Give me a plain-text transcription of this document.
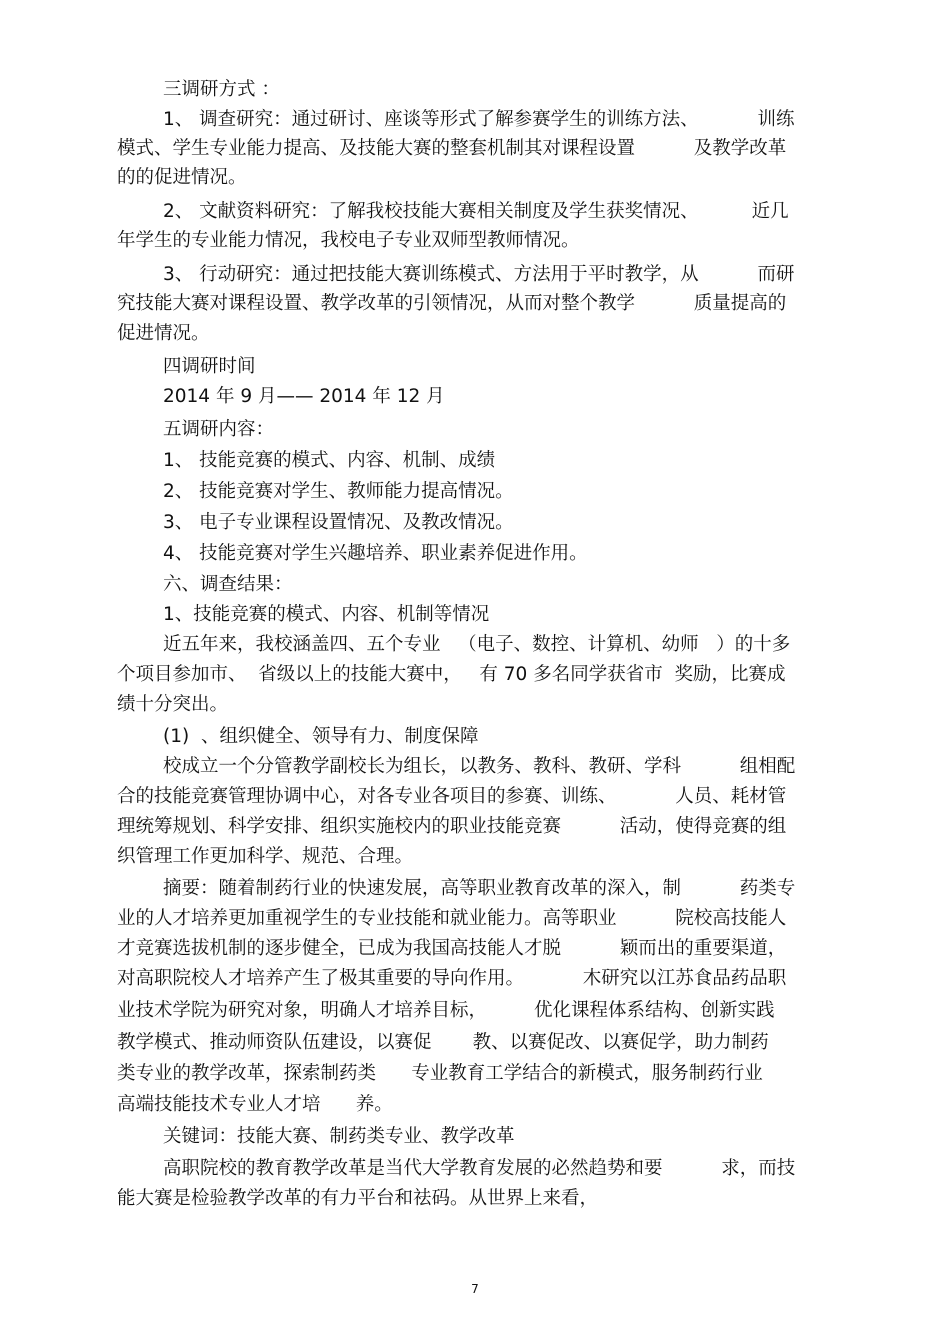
三调研方式 ：
1、 调查研究：通过研讨、座谈等形式了解参赛学生的训练方法、          训练
模式、学生专业能力提高、及技能大赛的整套机制其对课程设置          及教学改革
的的促进情况。
2、 文献资料研究：了解我校技能大赛相关制度及学生获奖情况、         近几
年学生的专业能力情况，我校电子专业双师型教师情况。
3、 行动研究：通过把技能大赛训练模式、方法用于平时教学，从          而研
究技能大赛对课程设置、教学改革的引领情况，从而对整个教学          质量提高的
促进情况。
四调研时间
2014 年 9 月—— 2014 年 12 月
五调研内容：
1、 技能竞赛的模式、内容、机制、成绩
2、 技能竞赛对学生、教师能力提高情况。
3、 电子专业课程设置情况、及教改情况。
4、 技能竞赛对学生兴趣培养、职业素养促进作用。
六、调查结果：
1、技能竞赛的模式、内容、机制等情况
近五年来，我校涵盖四、五个专业   （电子、数控、计算机、幼师   ）的十多
个项目参加市、  省级以上的技能大赛中，   有 70 多名同学获省市  奖励，比赛成
绩十分突出。
(1)  、组织健全、领导有力、制度保障
校成立一个分管教学副校长为组长，以教务、教科、教研、学科          组相配
合的技能竞赛管理协调中心，对各专业各项目的参赛、训练、          人员、耗材管
理统筹规划、科学安排、组织实施校内的职业技能竞赛          活动，使得竞赛的组
织管理工作更加科学、规范、合理。
摘要：随着制药行业的快速发展，高等职业教育改革的深入，制          药类专
业的人才培养更加重视学生的专业技能和就业能力。高等职业          院校高技能人
才竞赛选拔机制的逐步健全，已成为我国高技能人才脱          颖而出的重要渠道，
对高职院校人才培养产生了极其重要的导向作用。          木研究以江苏食品药品职
业技术学院为研究对象，明确人才培养目标，        优化课程体系结构、创新实践
教学模式、推动师资队伍建设，以赛促       教、以赛促改、以赛促学，助力制药
类专业的教学改革，探索制药类      专业教育工学结合的新模式，服务制药行业
高端技能技术专业人才培      养。
关键词：技能大赛、制药类专业、教学改革
高职院校的教育教学改革是当代大学教育发展的必然趋势和要          求，而技
能大赛是检验教学改革的有力平台和祛码。从世界上来看，
7
